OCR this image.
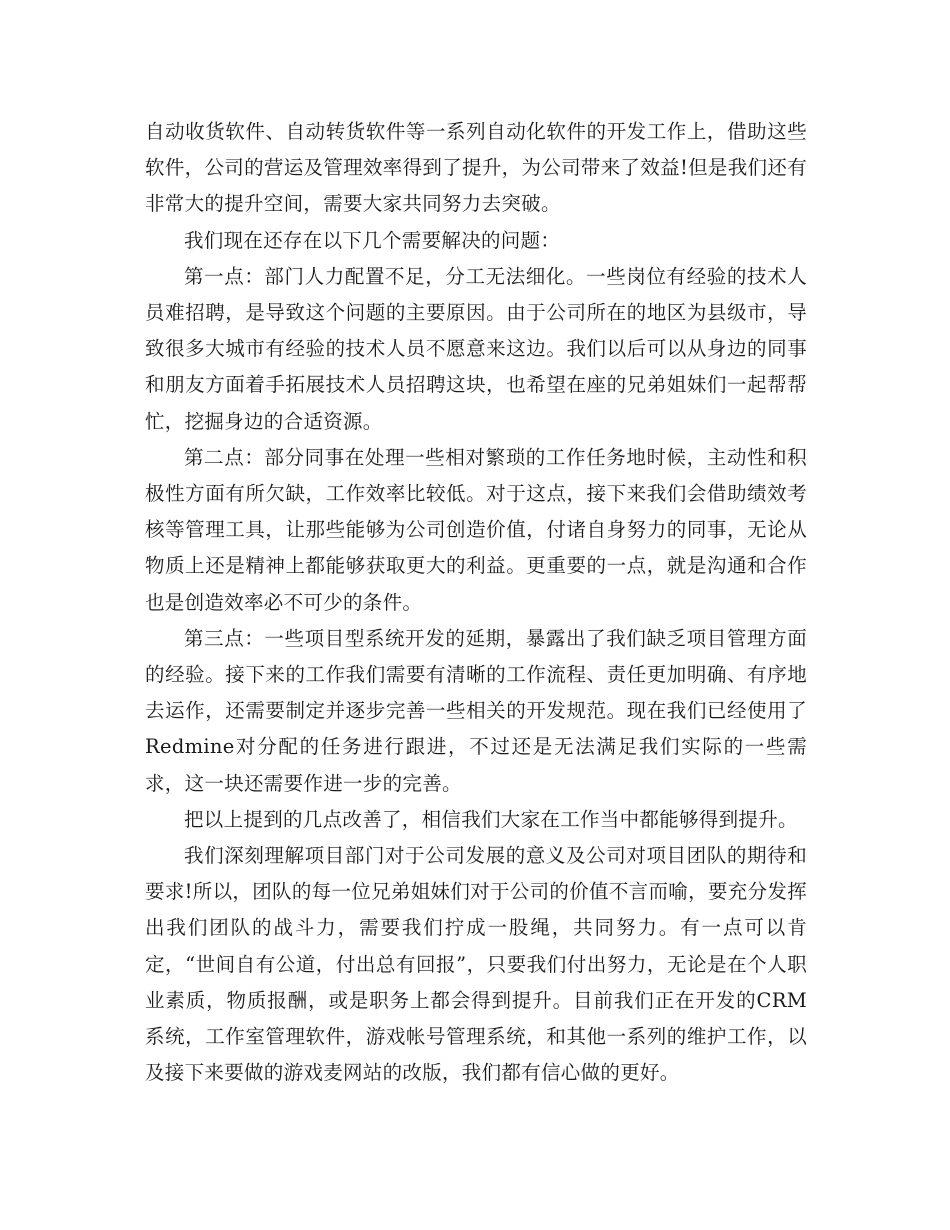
自动收货软件、自动转货软件等一系列自动化软件的开发工作上，借助这些软件，公司的营运及管理效率得到了提升，为公司带来了效益!但是我们还有非常大的提升空间，需要大家共同努力去突破。

我们现在还存在以下几个需要解决的问题：

第一点：部门人力配置不足，分工无法细化。一些岗位有经验的技术人员难招聘，是导致这个问题的主要原因。由于公司所在的地区为县级市，导致很多大城市有经验的技术人员不愿意来这边。我们以后可以从身边的同事和朋友方面着手拓展技术人员招聘这块，也希望在座的兄弟姐妹们一起帮帮忙，挖掘身边的合适资源。

第二点：部分同事在处理一些相对繁琐的工作任务地时候，主动性和积极性方面有所欠缺，工作效率比较低。对于这点，接下来我们会借助绩效考核等管理工具，让那些能够为公司创造价值，付诸自身努力的同事，无论从物质上还是精神上都能够获取更大的利益。更重要的一点，就是沟通和合作也是创造效率必不可少的条件。

第三点：一些项目型系统开发的延期，暴露出了我们缺乏项目管理方面的经验。接下来的工作我们需要有清晰的工作流程、责任更加明确、有序地去运作，还需要制定并逐步完善一些相关的开发规范。现在我们已经使用了Redmine对分配的任务进行跟进，不过还是无法满足我们实际的一些需求，这一块还需要作进一步的完善。

把以上提到的几点改善了，相信我们大家在工作当中都能够得到提升。

我们深刻理解项目部门对于公司发展的意义及公司对项目团队的期待和要求!所以，团队的每一位兄弟姐妹们对于公司的价值不言而喻，要充分发挥出我们团队的战斗力，需要我们拧成一股绳，共同努力。有一点可以肯定，“世间自有公道，付出总有回报”，只要我们付出努力，无论是在个人职业素质，物质报酬，或是职务上都会得到提升。目前我们正在开发的CRM系统，工作室管理软件，游戏帐号管理系统，和其他一系列的维护工作，以及接下来要做的游戏麦网站的改版，我们都有信心做的更好。
